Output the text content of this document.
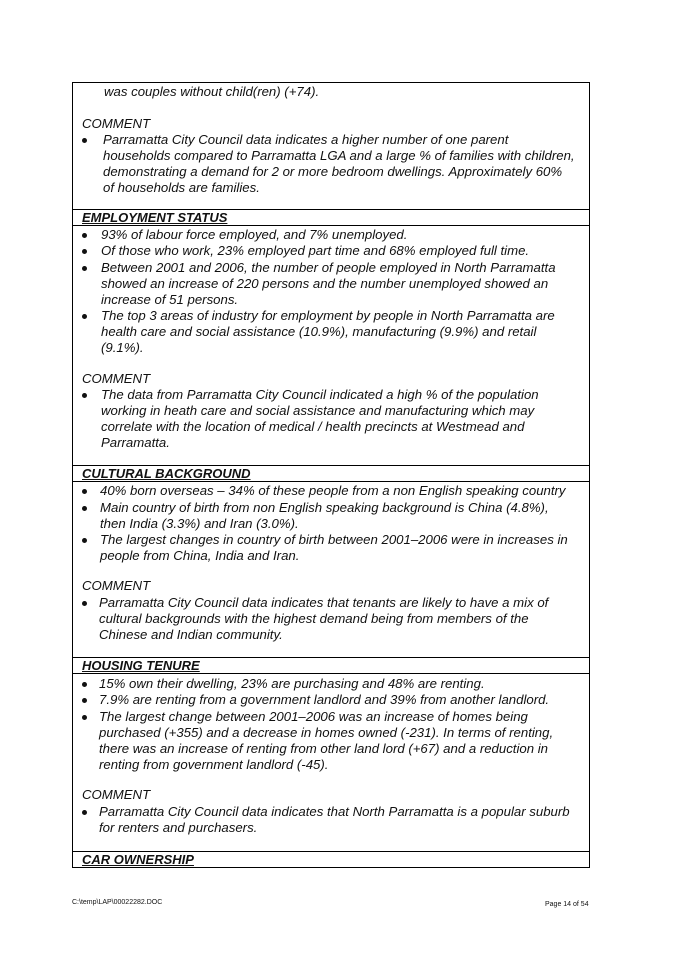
was couples without child(ren) (+74).
COMMENT
Parramatta City Council data indicates a higher number of one parent
households compared to Parramatta LGA and a large % of families with children,
demonstrating a demand for 2 or more bedroom dwellings. Approximately 60%
of households are families.
EMPLOYMENT STATUS
93% of labour force employed, and 7% unemployed.
Of those who work, 23% employed part time and 68% employed full time.
Between 2001 and 2006, the number of people employed in North Parramatta
showed an increase of 220 persons and the number unemployed showed an
increase of 51 persons.
The top 3 areas of industry for employment by people in North Parramatta are
health care and social assistance (10.9%), manufacturing (9.9%) and retail
(9.1%).
COMMENT
The data from Parramatta City Council indicated a high % of the population
working in heath care and social assistance and manufacturing which may
correlate with the location of medical / health precincts at Westmead and
Parramatta.
CULTURAL BACKGROUND
40% born overseas – 34% of these people from a non English speaking country
Main country of birth from non English speaking background is China (4.8%),
then India (3.3%) and Iran (3.0%).
The largest changes in country of birth between 2001–2006 were in increases in
people from China, India and Iran.
COMMENT
Parramatta City Council data indicates that tenants are likely to have a mix of
cultural backgrounds with the highest demand being from members of the
Chinese and Indian community.
HOUSING TENURE
15% own their dwelling, 23% are purchasing and 48% are renting.
7.9% are renting from a government landlord and 39% from another landlord.
The largest change between 2001–2006 was an increase of homes being
purchased (+355) and a decrease in homes owned (-231). In terms of renting,
there was an increase of renting from other land lord (+67) and a reduction in
renting from government landlord (-45).
COMMENT
Parramatta City Council data indicates that North Parramatta is a popular suburb
for renters and purchasers.
CAR OWNERSHIP
C:\temp\LAP\00022282.DOC	Page 14 of 54
